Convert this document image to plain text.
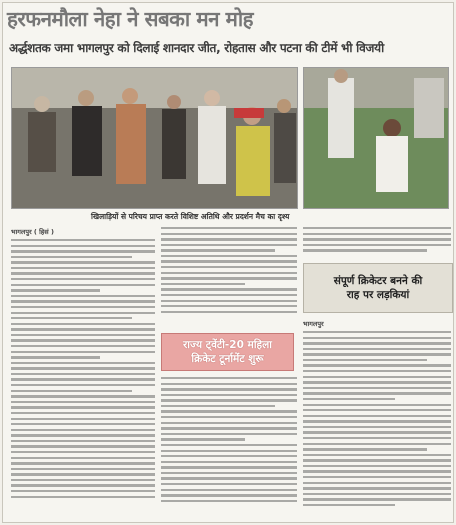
हरफनमौला नेहा ने सबका मन मोह
अर्द्धशतक जमा भागलपुर को दिलाई शानदार जीत, रोहतास और पटना की टीमें भी विजयी
खिलाड़ियों से परिचय प्राप्त करते विशिष्ट अतिथि और प्रदर्शन मैच का दृश्य
भागलपुर ( हिसं )
राज्य ट्वेंटी-20 महिला
क्रिकेट टूर्नामेंट शुरू
संपूर्ण क्रिकेटर बनने की
राह पर लड़कियां
भागलपुर
